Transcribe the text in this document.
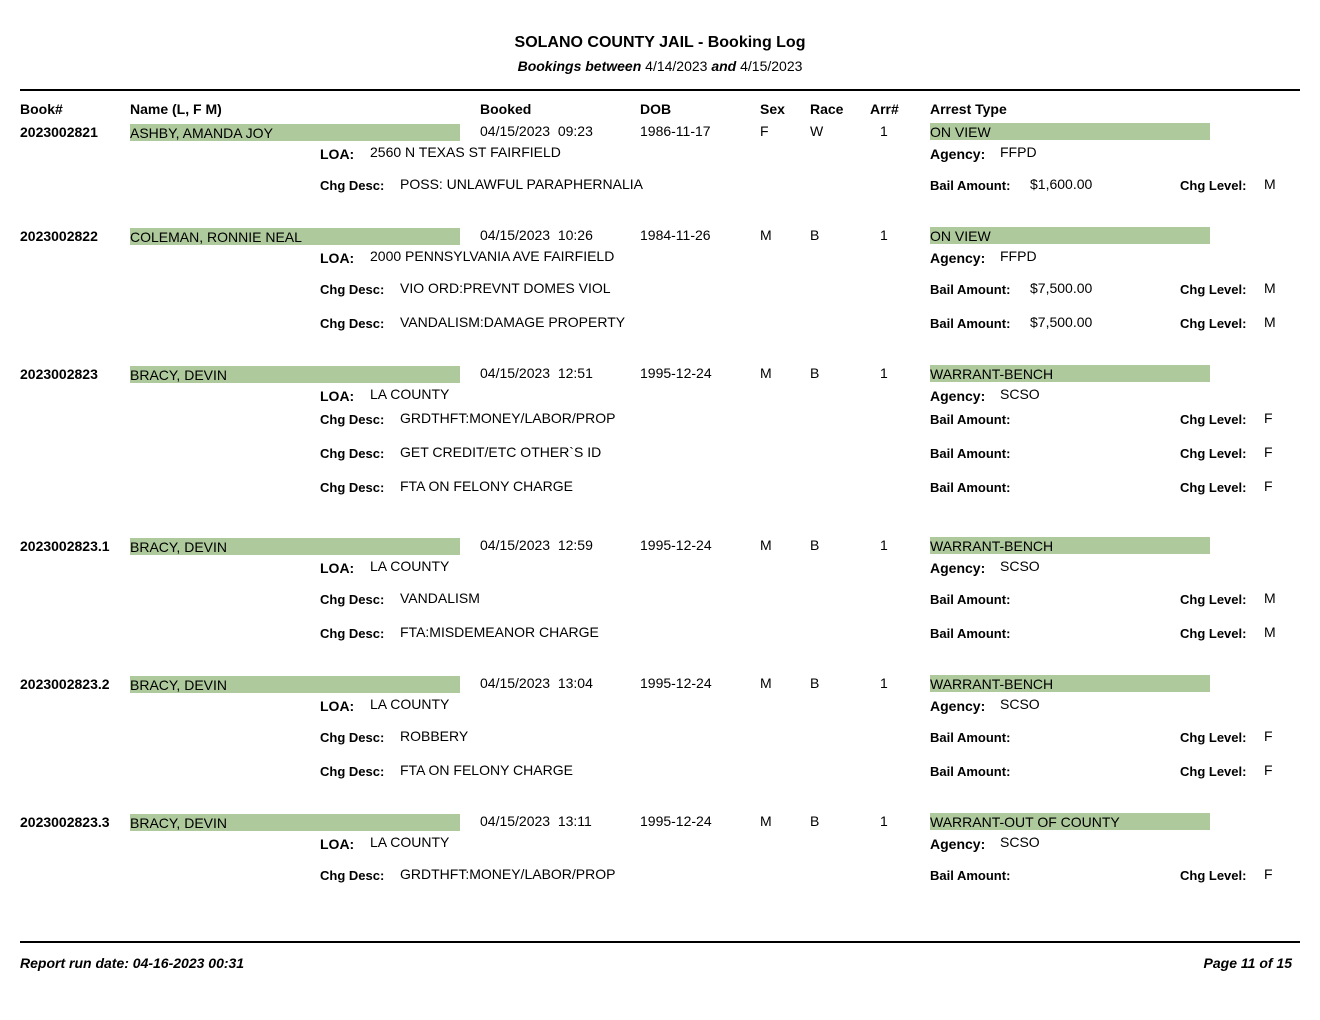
SOLANO COUNTY JAIL - Booking Log
Bookings between 4/14/2023 and 4/15/2023
Book#	Name (L, F M)	Booked	DOB	Sex Race Arr# Arrest Type
2023002821 ASHBY, AMANDA JOY	04/15/2023  09:23	1986-11-17	F	W	1	ON VIEW
LOA: 2560 N TEXAS ST FAIRFIELD	Agency: FFPD
Chg Desc: POSS: UNLAWFUL PARAPHERNALIA	Bail Amount: $1,600.00	Chg Level: M
2023002822 COLEMAN, RONNIE NEAL	04/15/2023  10:26	1984-11-26	M	B	1	ON VIEW
LOA: 2000 PENNSYLVANIA AVE FAIRFIELD	Agency: FFPD
Chg Desc: VIO ORD:PREVNT DOMES VIOL	Bail Amount: $7,500.00	Chg Level: M
Chg Desc: VANDALISM:DAMAGE PROPERTY	Bail Amount: $7,500.00	Chg Level: M
2023002823 BRACY, DEVIN	04/15/2023  12:51	1995-12-24	M	B	1	WARRANT-BENCH
LOA: LA COUNTY	Agency: SCSO
Chg Desc: GRDTHFT:MONEY/LABOR/PROP	Bail Amount:	Chg Level: F
Chg Desc: GET CREDIT/ETC OTHER`S ID	Bail Amount:	Chg Level: F
Chg Desc: FTA ON FELONY CHARGE	Bail Amount:	Chg Level: F
2023002823.1 BRACY, DEVIN	04/15/2023  12:59	1995-12-24	M	B	1	WARRANT-BENCH
LOA: LA COUNTY	Agency: SCSO
Chg Desc: VANDALISM	Bail Amount:	Chg Level: M
Chg Desc: FTA:MISDEMEANOR CHARGE	Bail Amount:	Chg Level: M
2023002823.2 BRACY, DEVIN	04/15/2023  13:04	1995-12-24	M	B	1	WARRANT-BENCH
LOA: LA COUNTY	Agency: SCSO
Chg Desc: ROBBERY	Bail Amount:	Chg Level: F
Chg Desc: FTA ON FELONY CHARGE	Bail Amount:	Chg Level: F
2023002823.3 BRACY, DEVIN	04/15/2023  13:11	1995-12-24	M	B	1	WARRANT-OUT OF COUNTY
LOA: LA COUNTY	Agency: SCSO
Chg Desc: GRDTHFT:MONEY/LABOR/PROP	Bail Amount:	Chg Level: F
Report run date: 04-16-2023 00:31	Page 11 of 15
